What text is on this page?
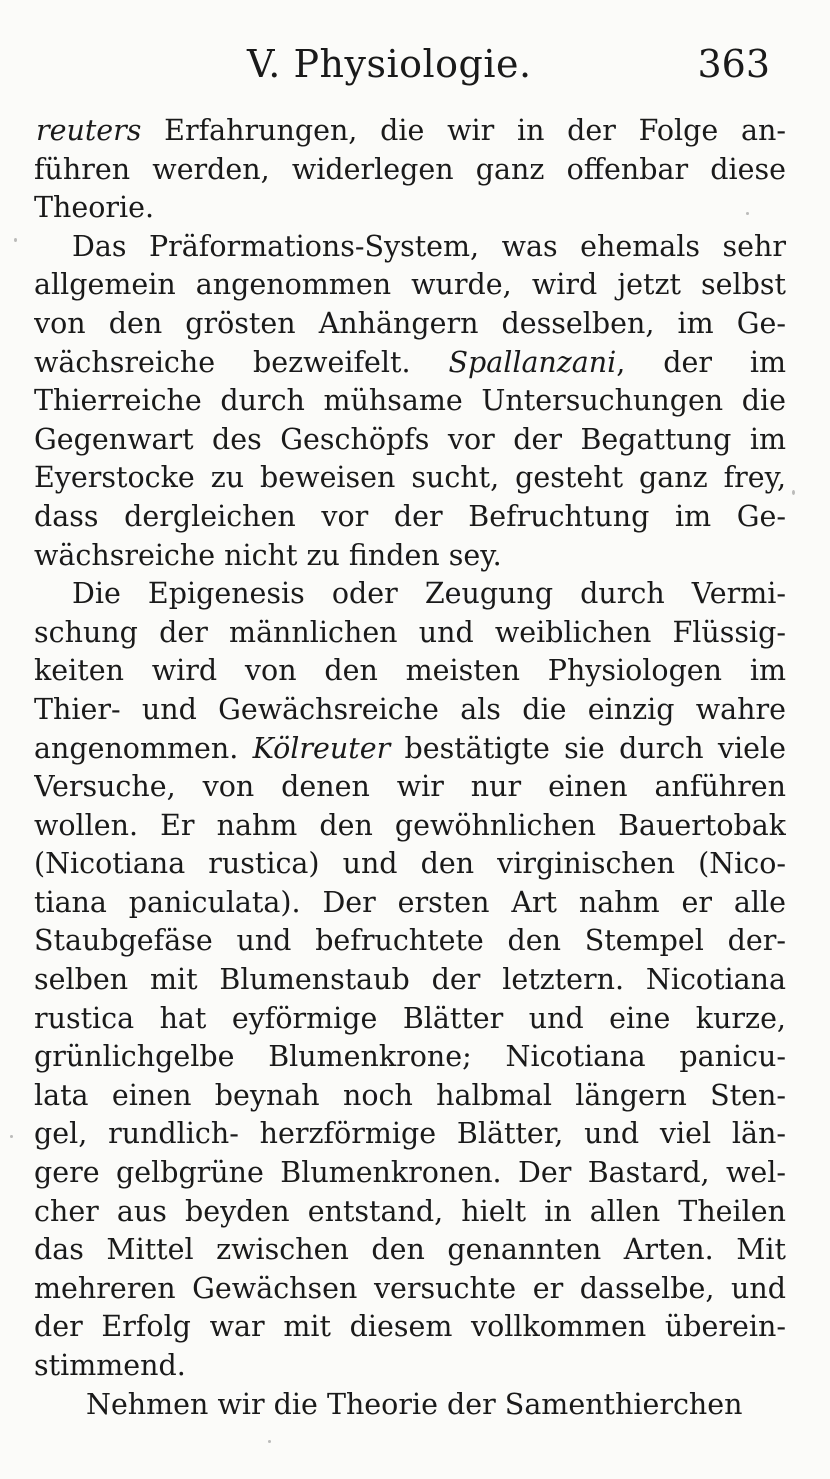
V. Physiologie.	363
reuters Erfahrungen, die wir in der Folge an-
führen werden, widerlegen ganz offenbar diese
Theorie.
Das Präformations-System, was ehemals sehr
allgemein angenommen wurde, wird jetzt selbst
von den grösten Anhängern desselben, im Ge-
wächsreiche bezweifelt. Spallanzani, der im
Thierreiche durch mühsame Untersuchungen die
Gegenwart des Geschöpfs vor der Begattung im
Eyerstocke zu beweisen sucht, gesteht ganz frey,
dass dergleichen vor der Befruchtung im Ge-
wächsreiche nicht zu finden sey.
Die Epigenesis oder Zeugung durch Vermi-
schung der männlichen und weiblichen Flüssig-
keiten wird von den meisten Physiologen im
Thier- und Gewächsreiche als die einzig wahre
angenommen. Kölreuter bestätigte sie durch viele
Versuche, von denen wir nur einen anführen
wollen. Er nahm den gewöhnlichen Bauertobak
(Nicotiana rustica) und den virginischen (Nico-
tiana paniculata). Der ersten Art nahm er alle
Staubgefäse und befruchtete den Stempel der-
selben mit Blumenstaub der letztern. Nicotiana
rustica hat eyförmige Blätter und eine kurze,
grünlichgelbe Blumenkrone; Nicotiana panicu-
lata einen beynah noch halbmal längern Sten-
gel, rundlich- herzförmige Blätter, und viel län-
gere gelbgrüne Blumenkronen. Der Bastard, wel-
cher aus beyden entstand, hielt in allen Theilen
das Mittel zwischen den genannten Arten. Mit
mehreren Gewächsen versuchte er dasselbe, und
der Erfolg war mit diesem vollkommen überein-
stimmend.
Nehmen wir die Theorie der Samenthierchen
